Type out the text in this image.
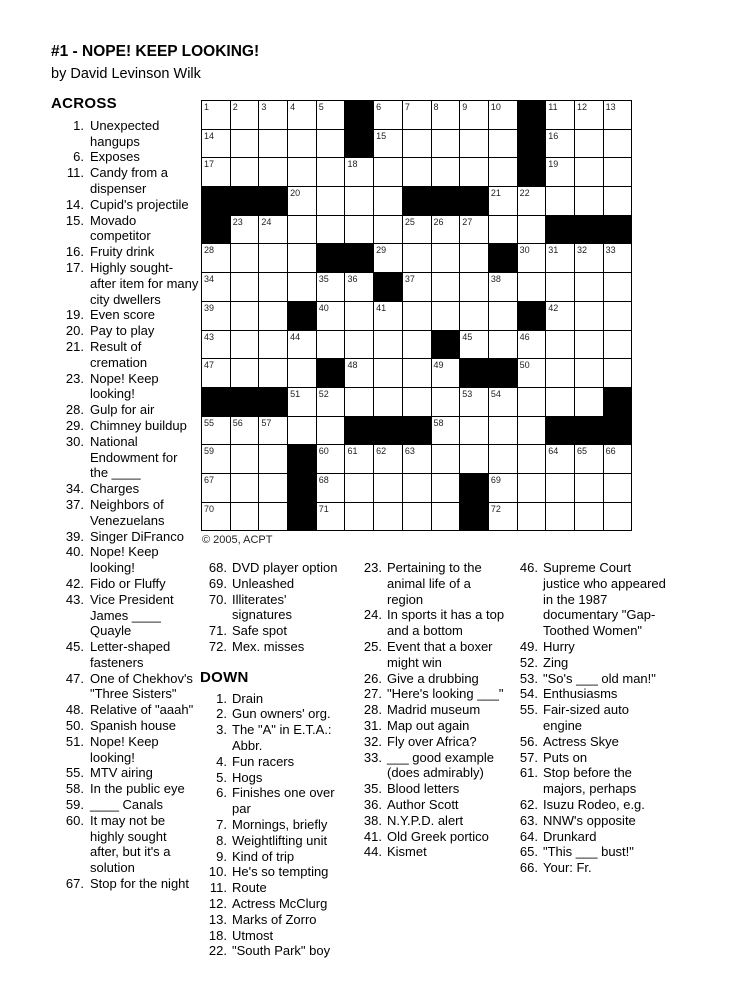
#1 - NOPE! KEEP LOOKING!
by David Levinson Wilk
ACROSS
1. Unexpected hangups
6. Exposes
11. Candy from a dispenser
14. Cupid's projectile
15. Movado competitor
16. Fruity drink
17. Highly sought-after item for many city dwellers
19. Even score
20. Pay to play
21. Result of cremation
23. Nope! Keep looking!
28. Gulp for air
29. Chimney buildup
30. National Endowment for the ____
34. Charges
37. Neighbors of Venezuelans
39. Singer DiFranco
40. Nope! Keep looking!
42. Fido or Fluffy
43. Vice President James ____ Quayle
45. Letter-shaped fasteners
47. One of Chekhov's "Three Sisters"
48. Relative of "aaah"
50. Spanish house
51. Nope! Keep looking!
55. MTV airing
58. In the public eye
59. ____ Canals
60. It may not be highly sought after, but it's a solution
67. Stop for the night
1	2	3	4	5	6	7	8	9	10	11 12 13
14	15	16
17	18	19
20	21 22
23 24	25 26 27
28	29	30 31 32 33
34	35 36	37	38
39	40	41	42
43	44	45	46
47	48	49	50
51 52	53 54
55 56 57	58
59	60 61 62 63	64 65 66
67	68	69
70	71	72
© 2005, ACPT
68. DVD player option
69. Unleashed
70. Illiterates' signatures
71. Safe spot
72. Mex. misses
DOWN
1. Drain
2. Gun owners' org.
3. The "A" in E.T.A.: Abbr.
4. Fun racers
5. Hogs
6. Finishes one over par
7. Mornings, briefly
8. Weightlifting unit
9. Kind of trip
10. He's so tempting
11. Route
12. Actress McClurg
13. Marks of Zorro
18. Utmost
22. "South Park" boy
23. Pertaining to the animal life of a region
24. In sports it has a top and a bottom
25. Event that a boxer might win
26. Give a drubbing
27. "Here's looking ___"
28. Madrid museum
31. Map out again
32. Fly over Africa?
33. ___ good example (does admirably)
35. Blood letters
36. Author Scott
38. N.Y.P.D. alert
41. Old Greek portico
44. Kismet
46. Supreme Court justice who appeared in the 1987 documentary "Gap-Toothed Women"
49. Hurry
52. Zing
53. "So's ___ old man!"
54. Enthusiasms
55. Fair-sized auto engine
56. Actress Skye
57. Puts on
61. Stop before the majors, perhaps
62. Isuzu Rodeo, e.g.
63. NNW's opposite
64. Drunkard
65. "This ___ bust!"
66. Your: Fr.
